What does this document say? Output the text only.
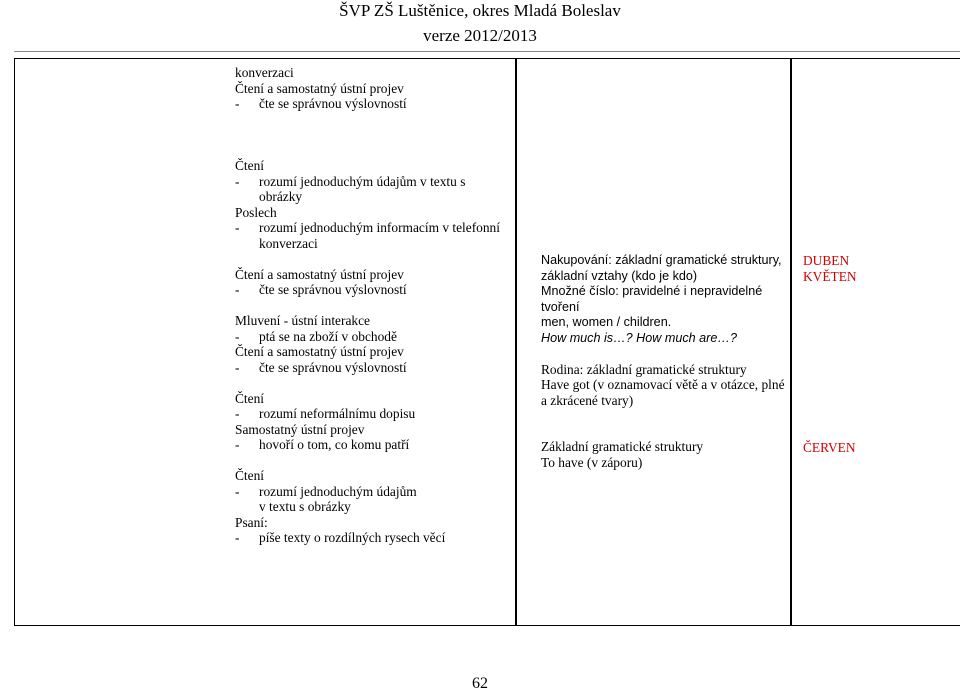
ŠVP ZŠ Luštěnice, okres Mladá Boleslav
verze 2012/2013
konverzaci
Čtení a samostatný ústní projev
- čte se správnou výslovností
Čtení
- rozumí jednoduchým údajům v textu s
obrázky
Poslech
- rozumí jednoduchým informacím v telefonní
konverzaci
Čtení a samostatný ústní projev
- čte se správnou výslovností
Mluvení - ústní interakce
- ptá se na zboží v obchodě
Čtení a samostatný ústní projev
- čte se správnou výslovností
Čtení
- rozumí neformálnímu dopisu
Samostatný ústní projev
- hovoří o tom, co komu patří
Čtení
- rozumí jednoduchým údajům
v textu s obrázky
Psaní:
- píše texty o rozdílných rysech věcí
Nakupování: základní gramatické struktury,
základní vztahy (kdo je kdo)
Množné číslo: pravidelné i nepravidelné
tvoření
men, women / children.
How much is…? How much are…?
Rodina: základní gramatické struktury
Have got (v oznamovací větě a v otázce, plné
a zkrácené tvary)
Základní gramatické struktury
To have (v záporu)
DUBEN
KVĚTEN
ČERVEN
62
